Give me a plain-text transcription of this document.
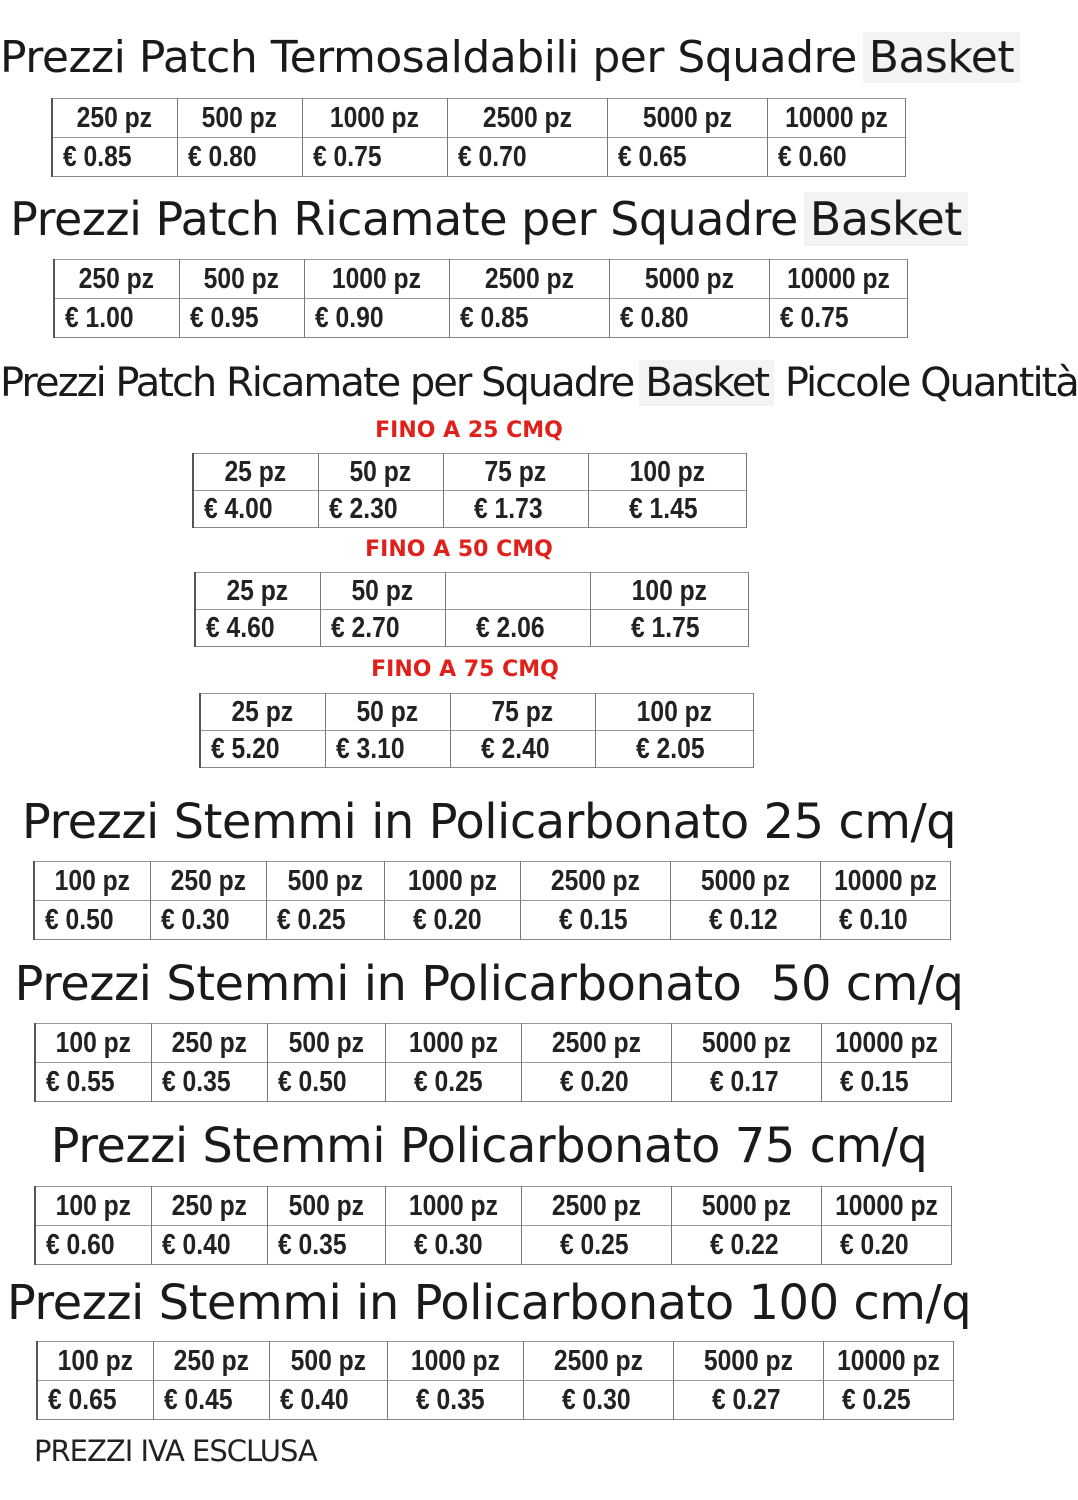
Prezzi Patch Termosaldabili per Squadre Basket
250 pz	500 pz	1000 pz	2500 pz	5000 pz	10000 pz
€ 0.85	€ 0.80	€ 0.75	€ 0.70	€ 0.65	€ 0.60
Prezzi Patch Ricamate per Squadre Basket
250 pz	500 pz	1000 pz	2500 pz	5000 pz	10000 pz
€ 1.00	€ 0.95	€ 0.90	€ 0.85	€ 0.80	€ 0.75
Prezzi Patch Ricamate per Squadre Basket Piccole Quantità
FINO A 25 CMQ
25 pz	50 pz	75 pz	100 pz
€ 4.00	€ 2.30	€ 1.73	€ 1.45
FINO A 50 CMQ
25 pz	50 pz		100 pz
€ 4.60	€ 2.70	€ 2.06	€ 1.75
FINO A 75 CMQ
25 pz	50 pz	75 pz	100 pz
€ 5.20	€ 3.10	€ 2.40	€ 2.05
Prezzi Stemmi in Policarbonato 25 cm/q
100 pz	250 pz	500 pz	1000 pz	2500 pz	5000 pz	10000 pz
€ 0.50	€ 0.30	€ 0.25	€ 0.20	€ 0.15	€ 0.12	€ 0.10
Prezzi Stemmi in Policarbonato  50 cm/q
100 pz	250 pz	500 pz	1000 pz	2500 pz	5000 pz	10000 pz
€ 0.55	€ 0.35	€ 0.50	€ 0.25	€ 0.20	€ 0.17	€ 0.15
Prezzi Stemmi Policarbonato 75 cm/q
100 pz	250 pz	500 pz	1000 pz	2500 pz	5000 pz	10000 pz
€ 0.60	€ 0.40	€ 0.35	€ 0.30	€ 0.25	€ 0.22	€ 0.20
Prezzi Stemmi in Policarbonato 100 cm/q
100 pz	250 pz	500 pz	1000 pz	2500 pz	5000 pz	10000 pz
€ 0.65	€ 0.45	€ 0.40	€ 0.35	€ 0.30	€ 0.27	€ 0.25
PREZZI IVA ESCLUSA
